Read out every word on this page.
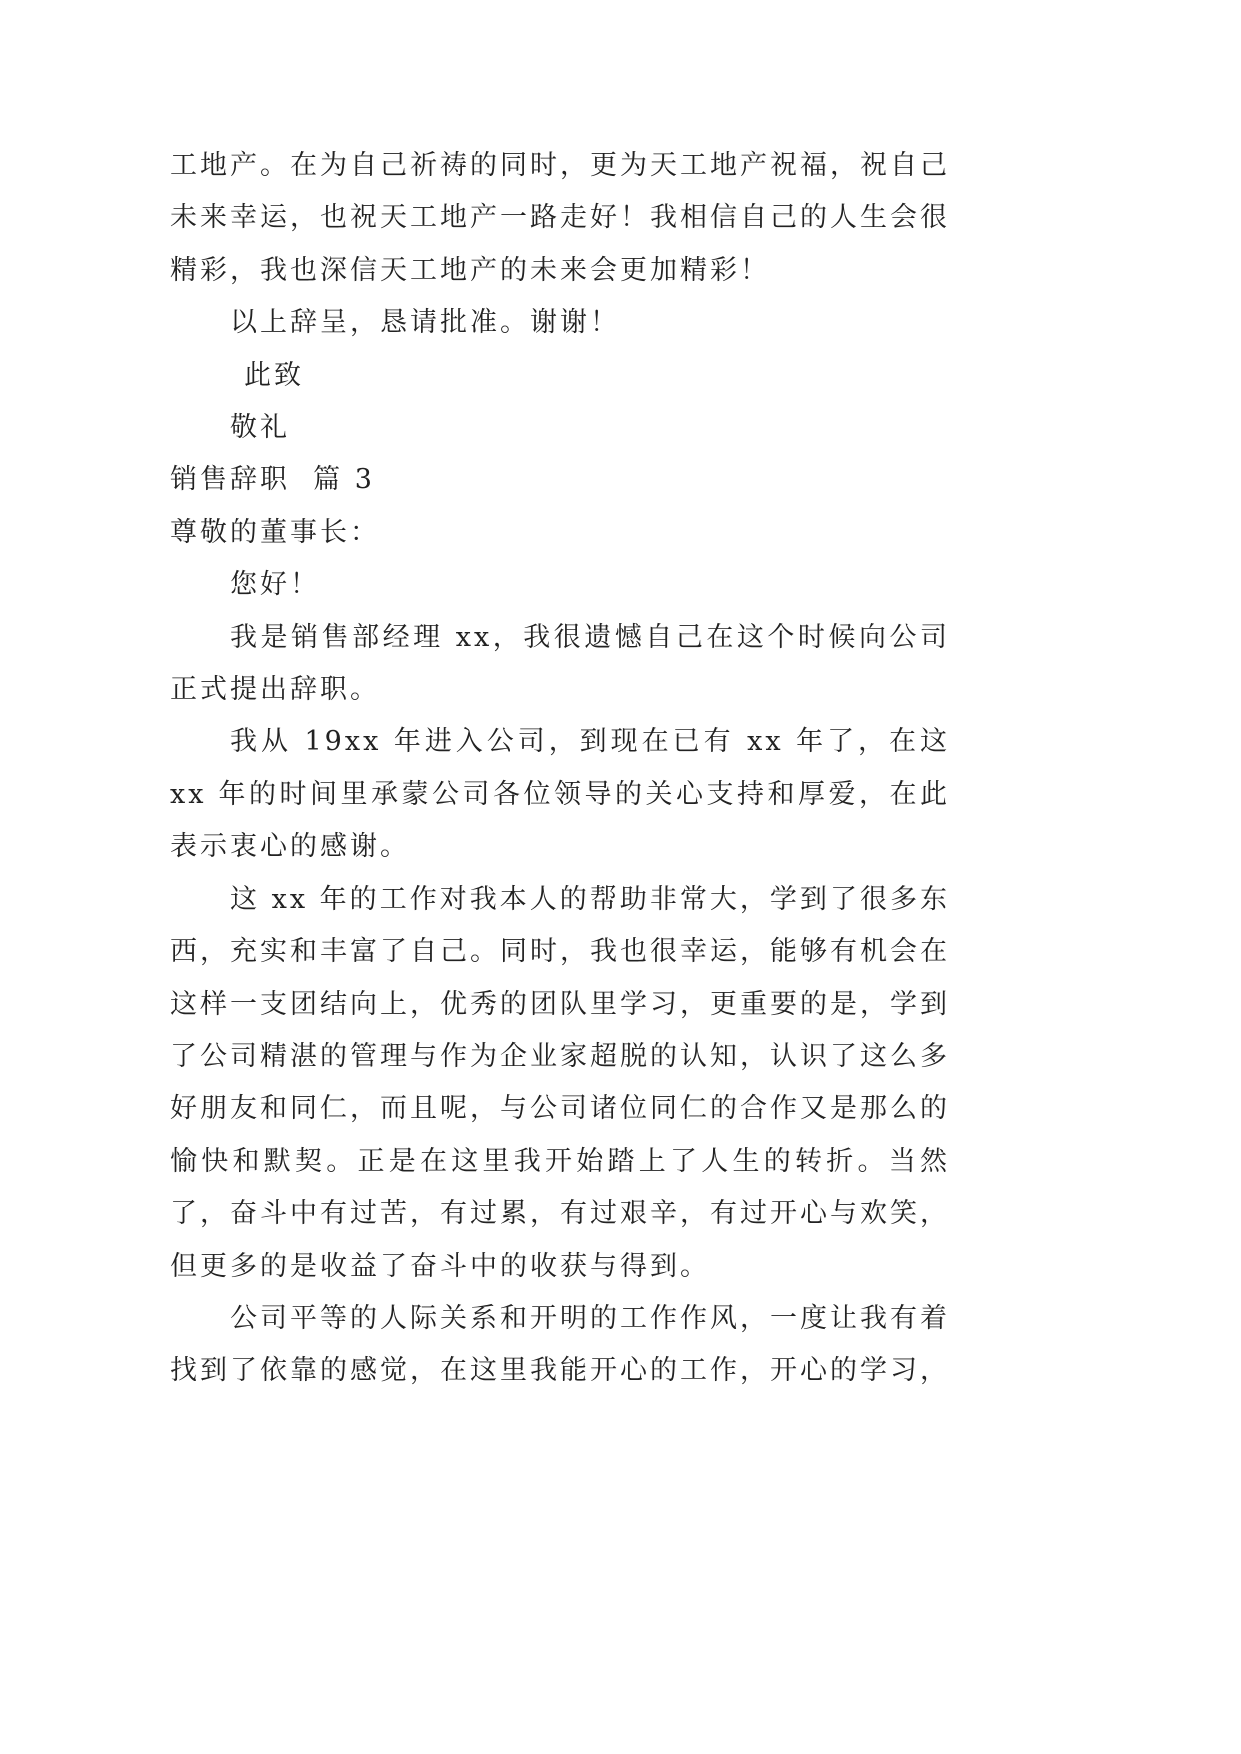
工地产。在为自己祈祷的同时，更为天工地产祝福，祝自己未来幸运，也祝天工地产一路走好！我相信自己的人生会很精彩，我也深信天工地产的未来会更加精彩！

以上辞呈，恳请批准。谢谢！

此致

敬礼

销售辞职  篇 3

尊敬的董事长：

您好！

我是销售部经理 xx，我很遗憾自己在这个时候向公司正式提出辞职。

我从 19xx 年进入公司，到现在已有 xx 年了，在这 xx 年的时间里承蒙公司各位领导的关心支持和厚爱，在此表示衷心的感谢。

这 xx 年的工作对我本人的帮助非常大，学到了很多东西，充实和丰富了自己。同时，我也很幸运，能够有机会在这样一支团结向上，优秀的团队里学习，更重要的是，学到了公司精湛的管理与作为企业家超脱的认知，认识了这么多好朋友和同仁，而且呢，与公司诸位同仁的合作又是那么的愉快和默契。正是在这里我开始踏上了人生的转折。当然了，奋斗中有过苦，有过累，有过艰辛，有过开心与欢笑，但更多的是收益了奋斗中的收获与得到。

公司平等的人际关系和开明的工作作风，一度让我有着找到了依靠的感觉，在这里我能开心的工作，开心的学习，
